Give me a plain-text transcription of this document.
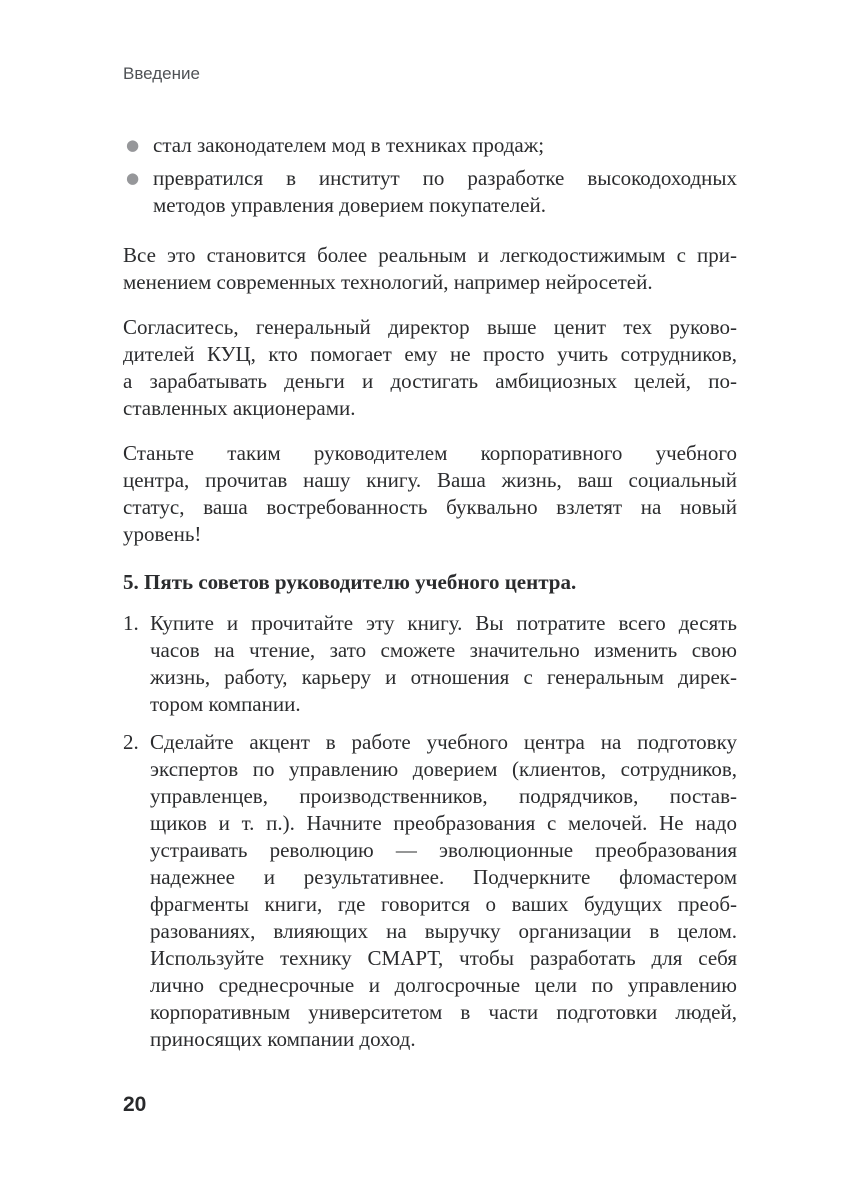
Введение
● стал законодателем мод в техниках продаж;
● превратился в институт по разработке высокодоходных
методов управления доверием покупателей.
Все это становится более реальным и легкодостижимым с при-
менением современных технологий, например нейросетей.
Согласитесь, генеральный директор выше ценит тех руково-
дителей КУЦ, кто помогает ему не просто учить сотрудников,
а зарабатывать деньги и достигать амбициозных целей, по-
ставленных акционерами.
Станьте таким руководителем корпоративного учебного
центра, прочитав нашу книгу. Ваша жизнь, ваш социальный
статус, ваша востребованность буквально взлетят на новый
уровень!
5. Пять советов руководителю учебного центра.
1. Купите и прочитайте эту книгу. Вы потратите всего десять
часов на чтение, зато сможете значительно изменить свою
жизнь, работу, карьеру и отношения с генеральным дирек-
тором компании.
2. Сделайте акцент в работе учебного центра на подготовку
экспертов по управлению доверием (клиентов, сотрудников,
управленцев, производственников, подрядчиков, постав-
щиков и т. п.). Начните преобразования с мелочей. Не надо
устраивать революцию — эволюционные преобразования
надежнее и результативнее. Подчеркните фломастером
фрагменты книги, где говорится о ваших будущих преоб-
разованиях, влияющих на выручку организации в целом.
Используйте технику СМАРТ, чтобы разработать для себя
лично среднесрочные и долгосрочные цели по управлению
корпоративным университетом в части подготовки людей,
приносящих компании доход.
20
